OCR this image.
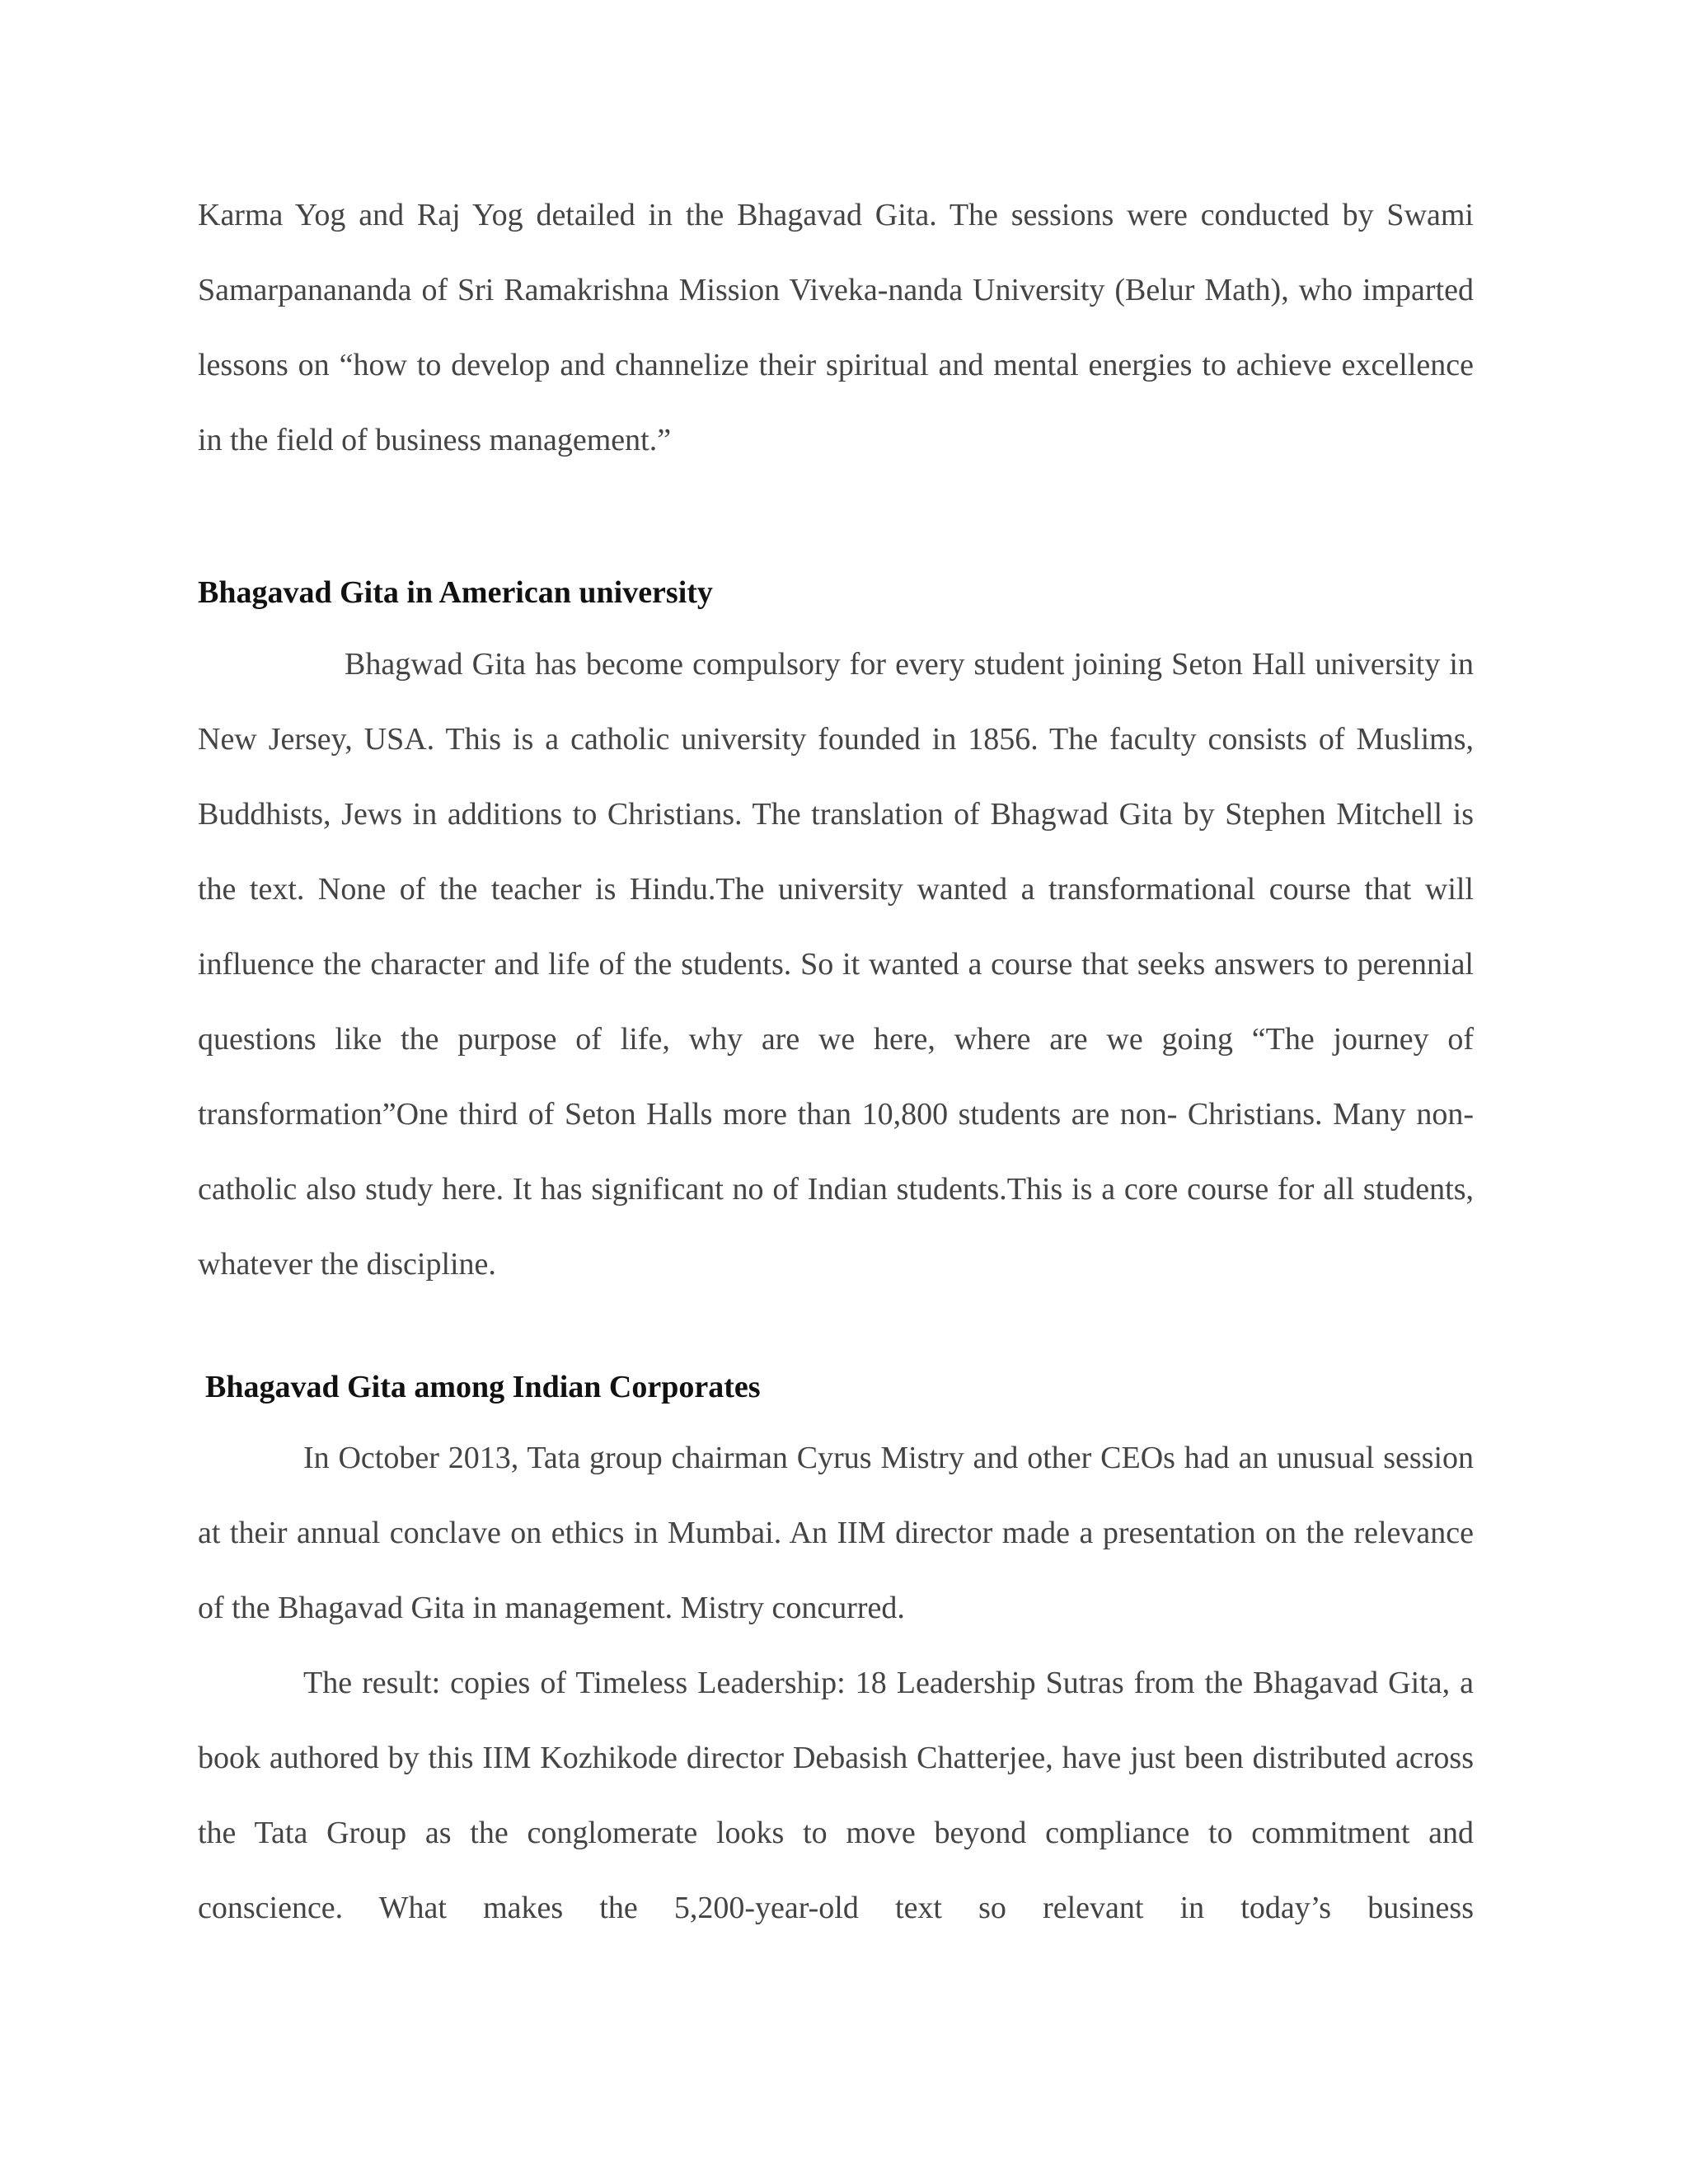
Karma Yog and Raj Yog detailed in the Bhagavad Gita. The sessions were conducted by Swami Samarpanananda of Sri Ramakrishna Mission Viveka-nanda University (Belur Math), who imparted lessons on “how to develop and channelize their spiritual and mental energies to achieve excellence in the field of business management.”

Bhagavad Gita in American university

Bhagwad Gita has become compulsory for every student joining Seton Hall university in New Jersey, USA. This is a catholic university founded in 1856. The faculty consists of Muslims, Buddhists, Jews in additions to Christians. The translation of Bhagwad Gita by Stephen Mitchell is the text. None of the teacher is Hindu.The university wanted a transformational course that will influence the character and life of the students. So it wanted a course that seeks answers to perennial questions like the purpose of life, why are we here, where are we going “The journey of transformation”One third of Seton Halls more than 10,800 students are non- Christians. Many non-catholic also study here. It has significant no of Indian students.This is a core course for all students, whatever the discipline.

Bhagavad Gita among Indian Corporates

In October 2013, Tata group chairman Cyrus Mistry and other CEOs had an unusual session at their annual conclave on ethics in Mumbai. An IIM director made a presentation on the relevance of the Bhagavad Gita in management. Mistry concurred.

The result: copies of Timeless Leadership: 18 Leadership Sutras from the Bhagavad Gita, a book authored by this IIM Kozhikode director Debasish Chatterjee, have just been distributed across the Tata Group as the conglomerate looks to move beyond compliance to commitment and conscience. What makes the 5,200-year-old text so relevant in today’s business
